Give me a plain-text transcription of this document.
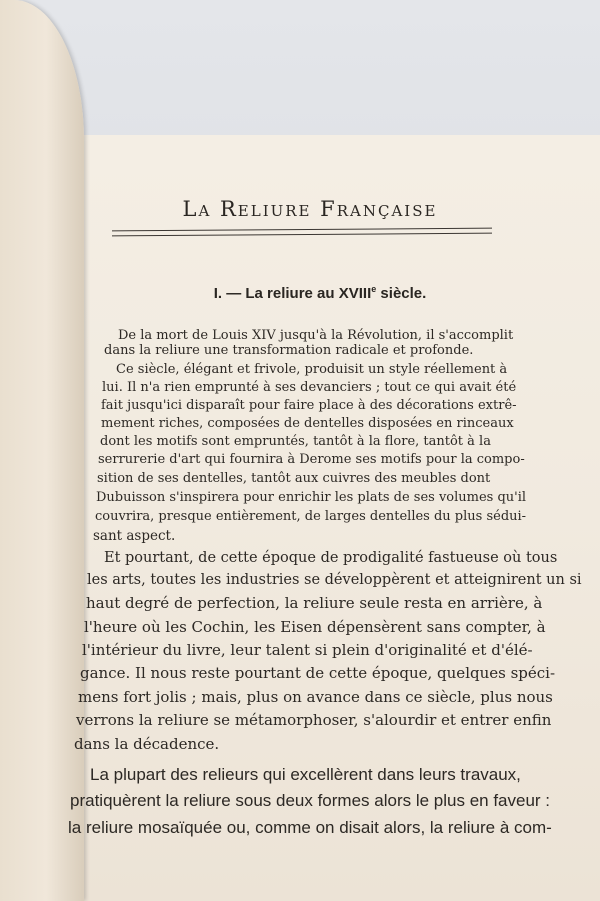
La Reliure Française
I. — La reliure au XVIIIe siècle.
De la mort de Louis XIV jusqu'à la Révolution, il s'accomplit
dans la reliure une transformation radicale et profonde.
Ce siècle, élégant et frivole, produisit un style réellement à
lui. Il n'a rien emprunté à ses devanciers ; tout ce qui avait été
fait jusqu'ici disparaît pour faire place à des décorations extrê-
mement riches, composées de dentelles disposées en rinceaux
dont les motifs sont empruntés, tantôt à la flore, tantôt à la
serrurerie d'art qui fournira à Derome ses motifs pour la compo-
sition de ses dentelles, tantôt aux cuivres des meubles dont
Dubuisson s'inspirera pour enrichir les plats de ses volumes qu'il
couvrira, presque entièrement, de larges dentelles du plus sédui-
sant aspect.
Et pourtant, de cette époque de prodigalité fastueuse où tous
les arts, toutes les industries se développèrent et atteignirent un si
haut degré de perfection, la reliure seule resta en arrière, à
l'heure où les Cochin, les Eisen dépensèrent sans compter, à
l'intérieur du livre, leur talent si plein d'originalité et d'élé-
gance. Il nous reste pourtant de cette époque, quelques spéci-
mens fort jolis ; mais, plus on avance dans ce siècle, plus nous
verrons la reliure se métamorphoser, s'alourdir et entrer enfin
dans la décadence.
La plupart des relieurs qui excellèrent dans leurs travaux,
pratiquèrent la reliure sous deux formes alors le plus en faveur :
la reliure mosaïquée ou, comme on disait alors, la reliure à com-
